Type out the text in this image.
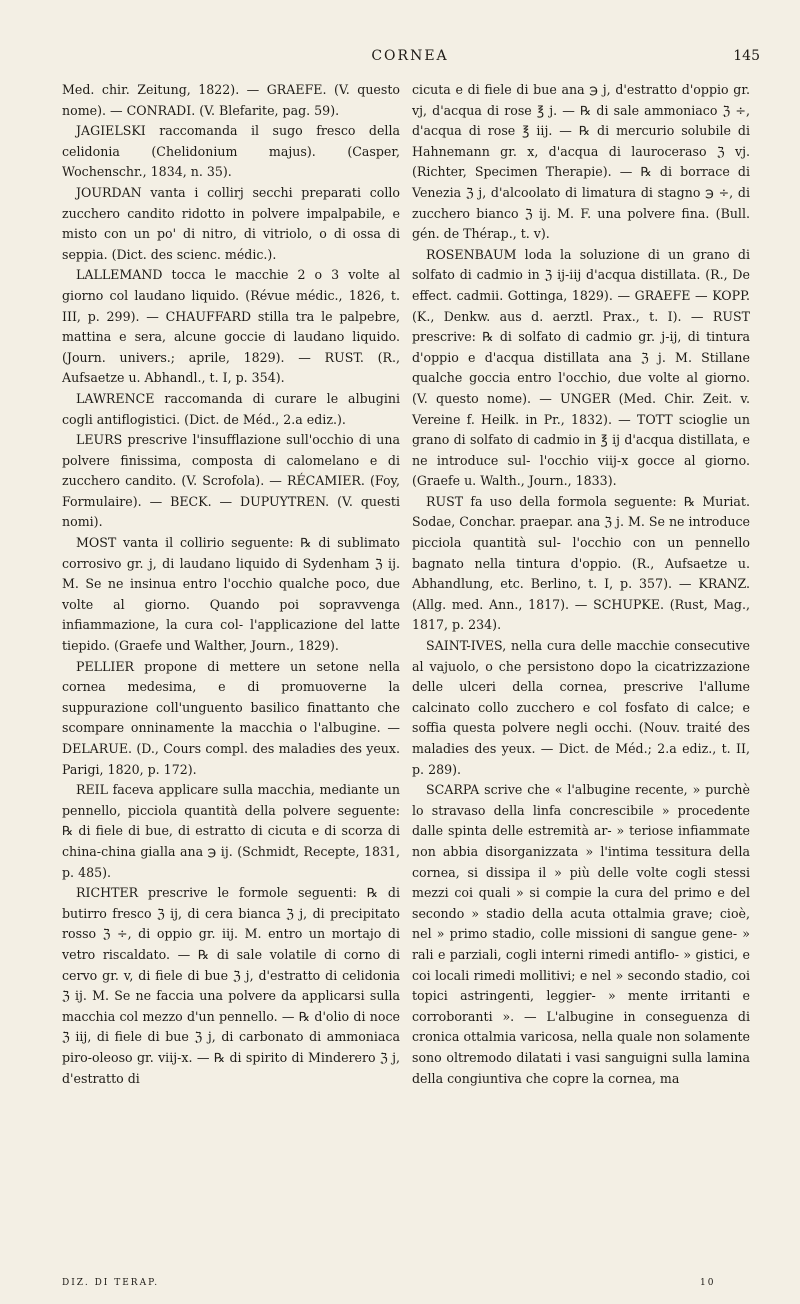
CORNEA	145

Med. chir. Zeitung, 1822). — GRAEFE. (V. questo nome). — CONRADI. (V. Blefarite, pag. 59).

JAGIELSKI raccomanda il sugo fresco della celidonia (Chelidonium majus). (Casper, Wochenschr., 1834, n. 35).

JOURDAN vanta i collirj secchi preparati collo zucchero candito ridotto in polvere impalpabile, e misto con un po' di nitro, di vitriolo, o di ossa di seppia. (Dict. des scienc. médic.).

LALLEMAND tocca le macchie 2 o 3 volte al giorno col laudano liquido. (Révue médic., 1826, t. III, p. 299). — CHAUFFARD stilla tra le palpebre, mattina e sera, alcune goccie di laudano liquido. (Journ. univers.; aprile, 1829). — RUST. (R., Aufsaetze u. Abhandl., t. I, p. 354).

LAWRENCE raccomanda di curare le albugini cogli antiflogistici. (Dict. de Méd., 2.a ediz.).

LEURS prescrive l'insufflazione sull'occhio di una polvere finissima, composta di calomelano e di zucchero candito. (V. Scrofola). — RÉCAMIER. (Foy, Formulaire). — BECK. — DUPUYTREN. (V. questi nomi).

MOST vanta il collirio seguente: ℞ di sublimato corrosivo gr. j, di laudano liquido di Sydenham ℨ ij. M. Se ne insinua entro l'occhio qualche poco, due volte al giorno. Quando poi sopravvenga infiammazione, la cura col- l'applicazione del latte tiepido. (Graefe und Walther, Journ., 1829).

PELLIER propone di mettere un setone nella cornea medesima, e di promuoverne la suppurazione coll'unguento basilico finattanto che scompare onninamente la macchia o l'albugine. — DELARUE. (D., Cours compl. des maladies des yeux. Parigi, 1820, p. 172).

REIL faceva applicare sulla macchia, mediante un pennello, picciola quantità della polvere seguente: ℞ di fiele di bue, di estratto di cicuta e di scorza di china-china gialla ana ℈ ij. (Schmidt, Recepte, 1831, p. 485).

RICHTER prescrive le formole seguenti: ℞ di butirro fresco ℨ ij, di cera bianca ℨ j, di precipitato rosso ℨ ÷, di oppio gr. iij. M. entro un mortajo di vetro riscaldato. — ℞ di sale volatile di corno di cervo gr. v, di fiele di bue ℨ j, d'estratto di celidonia ℨ ij. M. Se ne faccia una polvere da applicarsi sulla macchia col mezzo d'un pennello. — ℞ d'olio di noce ℨ iij, di fiele di bue ℨ j, di carbonato di ammoniaca piro-oleoso gr. viij-x. — ℞ di spirito di Minderero ℨ j, d'estratto di

cicuta e di fiele di bue ana ℈ j, d'estratto d'oppio gr. vj, d'acqua di rose ℥ j. — ℞ di sale ammoniaco ℨ ÷, d'acqua di rose ℥ iij. — ℞ di mercurio solubile di Hahnemann gr. x, d'acqua di lauroceraso ℨ vj. (Richter, Specimen Therapie). — ℞ di borrace di Venezia ℨ j, d'alcoolato di limatura di stagno ℈ ÷, di zucchero bianco ℨ ij. M. F. una polvere fina. (Bull. gén. de Thérap., t. v).

ROSENBAUM loda la soluzione di un grano di solfato di cadmio in ℨ ij-iij d'acqua distillata. (R., De effect. cadmii. Gottinga, 1829). — GRAEFE — KOPP. (K., Denkw. aus d. aerztl. Prax., t. I). — RUST prescrive: ℞ di solfato di cadmio gr. j-ij, di tintura d'oppio e d'acqua distillata ana ℨ j. M. Stillane qualche goccia entro l'occhio, due volte al giorno. (V. questo nome). — UNGER (Med. Chir. Zeit. v. Vereine f. Heilk. in Pr., 1832). — TOTT scioglie un grano di solfato di cadmio in ℥ ij d'acqua distillata, e ne introduce sul- l'occhio viij-x gocce al giorno. (Graefe u. Walth., Journ., 1833).

RUST fa uso della formola seguente: ℞ Muriat. Sodae, Conchar. praepar. ana ℨ j. M. Se ne introduce picciola quantità sul- l'occhio con un pennello bagnato nella tintura d'oppio. (R., Aufsaetze u. Abhandlung, etc. Berlino, t. I, p. 357). — KRANZ. (Allg. med. Ann., 1817). — SCHUPKE. (Rust, Mag., 1817, p. 234).

SAINT-IVES, nella cura delle macchie consecutive al vajuolo, o che persistono dopo la cicatrizzazione delle ulceri della cornea, prescrive l'allume calcinato collo zucchero e col fosfato di calce; e soffia questa polvere negli occhi. (Nouv. traité des maladies des yeux. — Dict. de Méd.; 2.a ediz., t. II, p. 289).

SCARPA scrive che « l'albugine recente, » purchè lo stravaso della linfa concrescibile » procedente dalle spinta delle estremità ar- » teriose infiammate non abbia disorganizzata » l'intima tessitura della cornea, si dissipa il » più delle volte cogli stessi mezzi coi quali » si compie la cura del primo e del secondo » stadio della acuta ottalmia grave; cioè, nel » primo stadio, colle missioni di sangue gene- » rali e parziali, cogli interni rimedi antiflo- » gistici, e coi locali rimedi mollitivi; e nel » secondo stadio, coi topici astringenti, leggier- » mente irritanti e corroboranti ». — L'albugine in conseguenza di cronica ottalmia varicosa, nella quale non solamente sono oltremodo dilatati i vasi sanguigni sulla lamina della congiuntiva che copre la cornea, ma

DIZ. DI TERAP.	10
